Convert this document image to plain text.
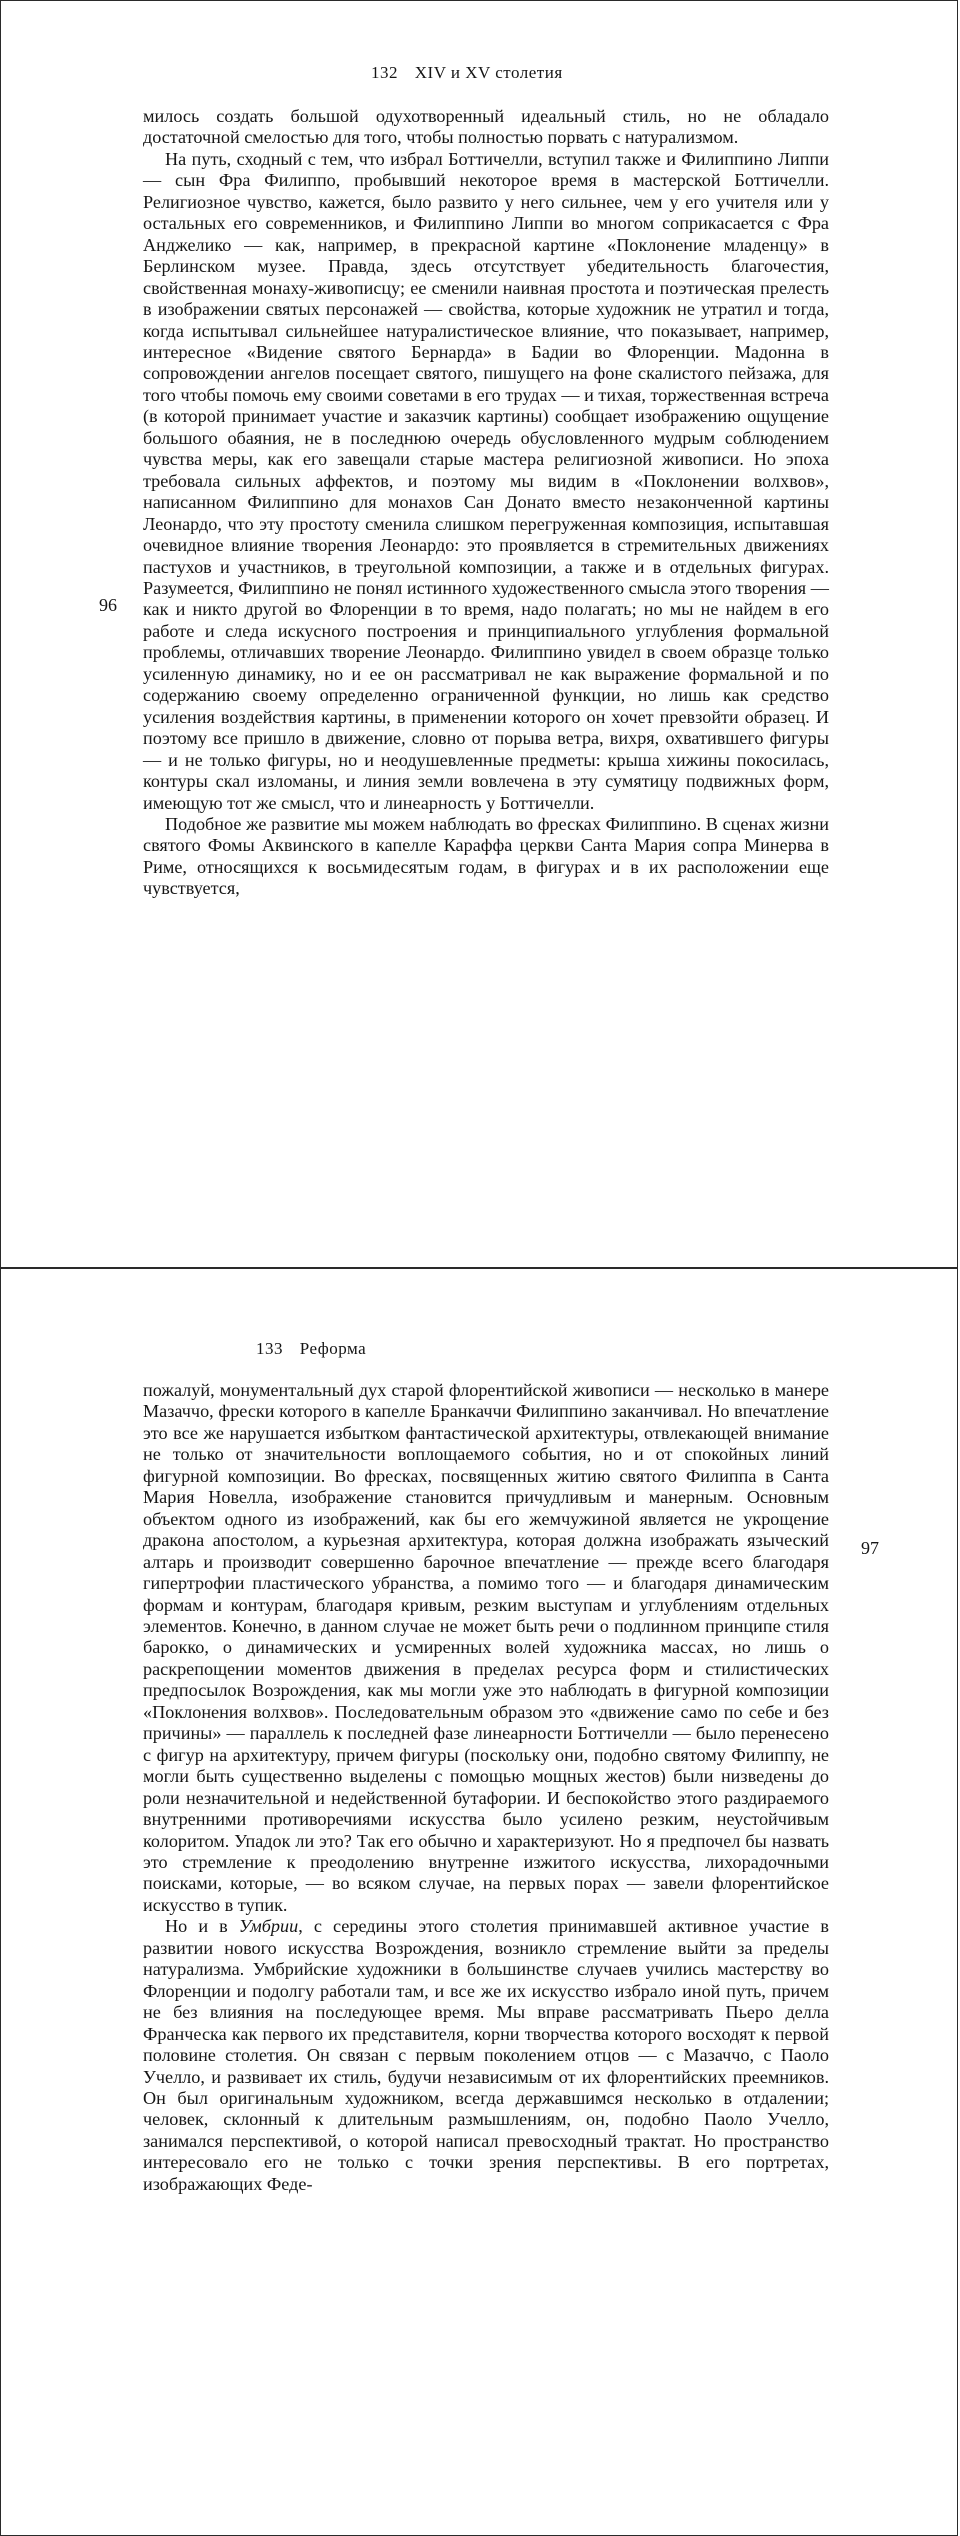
132 XIV и XV столетия
96

милось создать большой одухотворенный идеальный стиль, но не обладало достаточной смелостью для того, чтобы полностью порвать с натурализмом.

На путь, сходный с тем, что избрал Боттичелли, вступил также и Филиппино Липпи — сын Фра Филиппо, пробывший некоторое время в мастерской Боттичелли. Религиозное чувство, кажется, было развито у него сильнее, чем у его учителя или у остальных его современников, и Филиппино Липпи во многом соприкасается с Фра Анджелико — как, например, в прекрасной картине «Поклонение младенцу» в Берлинском музее. Правда, здесь отсутствует убедительность благочестия, свойственная монаху-живописцу; ее сменили наивная простота и поэтическая прелесть в изображении святых персонажей — свойства, которые художник не утратил и тогда, когда испытывал сильнейшее натуралистическое влияние, что показывает, например, интересное «Видение святого Бернарда» в Бадии во Флоренции. Мадонна в сопровождении ангелов посещает святого, пишущего на фоне скалистого пейзажа, для того чтобы помочь ему своими советами в его трудах — и тихая, торжественная встреча (в которой принимает участие и заказчик картины) сообщает изображению ощущение большого обаяния, не в последнюю очередь обусловленного мудрым соблюдением чувства меры, как его завещали старые мастера религиозной живописи. Но эпоха требовала сильных аффектов, и поэтому мы видим в «Поклонении волхвов», написанном Филиппино для монахов Сан Донато вместо незаконченной картины Леонардо, что эту простоту сменила слишком перегруженная композиция, испытавшая очевидное влияние творения Леонардо: это проявляется в стремительных движениях пастухов и участников, в треугольной композиции, а также и в отдельных фигурах. Разумеется, Филиппино не понял истинного художественного смысла этого творения — как и никто другой во Флоренции в то время, надо полагать; но мы не найдем в его работе и следа искусного построения и принципиального углубления формальной проблемы, отличавших творение Леонардо. Филиппино увидел в своем образце только усиленную динамику, но и ее он рассматривал не как выражение формальной и по содержанию своему определенно ограниченной функции, но лишь как средство усиления воздействия картины, в применении которого он хочет превзойти образец. И поэтому все пришло в движение, словно от порыва ветра, вихря, охватившего фигуры — и не только фигуры, но и неодушевленные предметы: крыша хижины покосилась, контуры скал изломаны, и линия земли вовлечена в эту сумятицу подвижных форм, имеющую тот же смысл, что и линеарность у Боттичелли.

Подобное же развитие мы можем наблюдать во фресках Филиппино. В сценах жизни святого Фомы Аквинского в капелле Караффа церкви Санта Мария сопра Минерва в Риме, относящихся к восьмидесятым годам, в фигурах и в их расположении еще чувствуется,

133 Реформа
97

пожалуй, монументальный дух старой флорентийской живописи — несколько в манере Мазаччо, фрески которого в капелле Бранкаччи Филиппино заканчивал. Но впечатление это все же нарушается избытком фантастической архитектуры, отвлекающей внимание не только от значительности воплощаемого события, но и от спокойных линий фигурной композиции. Во фресках, посвященных житию святого Филиппа в Санта Мария Новелла, изображение становится причудливым и манерным. Основным объектом одного из изображений, как бы его жемчужиной является не укрощение дракона апостолом, а курьезная архитектура, которая должна изображать языческий алтарь и производит совершенно барочное впечатление — прежде всего благодаря гипертрофии пластического убранства, а помимо того — и благодаря динамическим формам и контурам, благодаря кривым, резким выступам и углублениям отдельных элементов. Конечно, в данном случае не может быть речи о подлинном принципе стиля барокко, о динамических и усмиренных волей художника массах, но лишь о раскрепощении моментов движения в пределах ресурса форм и стилистических предпосылок Возрождения, как мы могли уже это наблюдать в фигурной композиции «Поклонения волхвов». Последовательным образом это «движение само по себе и без причины» — параллель к последней фазе линеарности Боттичелли — было перенесено с фигур на архитектуру, причем фигуры (поскольку они, подобно святому Филиппу, не могли быть существенно выделены с помощью мощных жестов) были низведены до роли незначительной и недейственной бутафории. И беспокойство этого раздираемого внутренними противоречиями искусства было усилено резким, неустойчивым колоритом. Упадок ли это? Так его обычно и характеризуют. Но я предпочел бы назвать это стремление к преодолению внутренне изжитого искусства, лихорадочными поисками, которые, — во всяком случае, на первых порах — завели флорентийское искусство в тупик.

Но и в Умбрии, с середины этого столетия принимавшей активное участие в развитии нового искусства Возрождения, возникло стремление выйти за пределы натурализма. Умбрийские художники в большинстве случаев учились мастерству во Флоренции и подолгу работали там, и все же их искусство избрало иной путь, причем не без влияния на последующее время. Мы вправе рассматривать Пьеро делла Франческа как первого их представителя, корни творчества которого восходят к первой половине столетия. Он связан с первым поколением отцов — с Мазаччо, с Паоло Учелло, и развивает их стиль, будучи независимым от их флорентийских преемников. Он был оригинальным художником, всегда державшимся несколько в отдалении; человек, склонный к длительным размышлениям, он, подобно Паоло Учелло, занимался перспективой, о которой написал превосходный трактат. Но пространство интересовало его не только с точки зрения перспективы. В его портретах, изображающих Феде-
